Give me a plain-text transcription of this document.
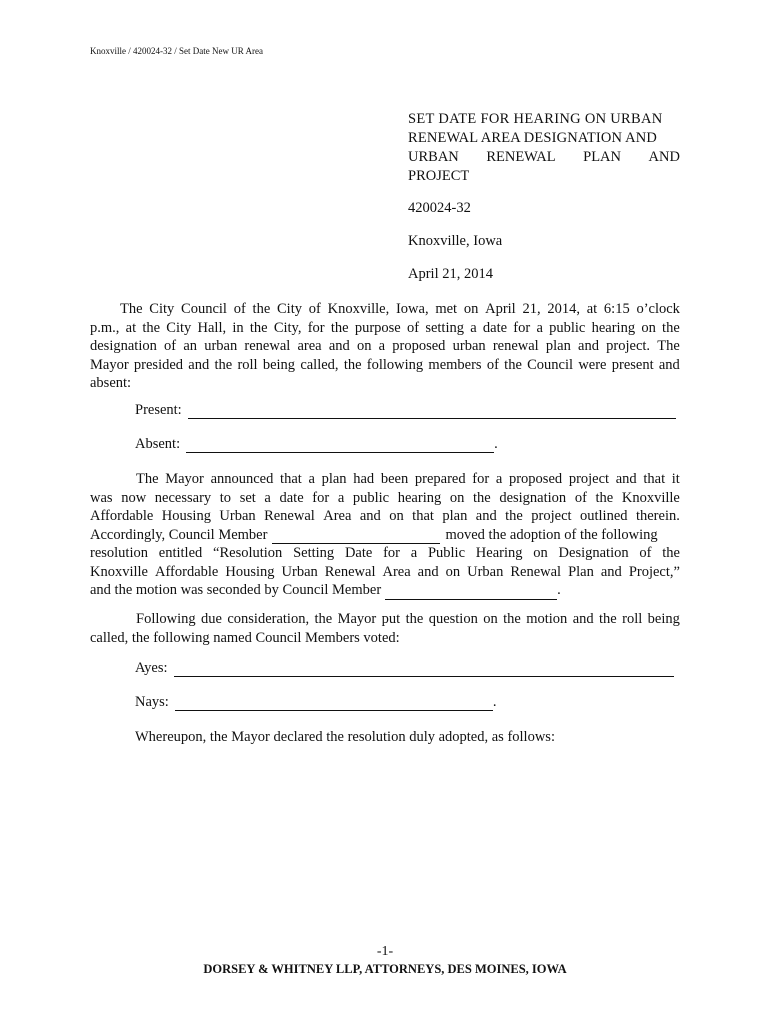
Knoxville / 420024-32 / Set Date New UR Area
SET DATE FOR HEARING ON URBAN
RENEWAL AREA DESIGNATION AND
URBAN RENEWAL PLAN AND
PROJECT
420024-32
Knoxville, Iowa
April 21, 2014
The City Council of the City of Knoxville, Iowa, met on April 21, 2014, at 6:15 o’clock
p.m., at the City Hall, in the City, for the purpose of setting a date for a public hearing on the
designation of an urban renewal area and on a proposed urban renewal plan and project. The
Mayor presided and the roll being called, the following members of the Council were present and
absent:
Present:
Absent:	.
The Mayor announced that a plan had been prepared for a proposed project and that it
was now necessary to set a date for a public hearing on the designation of the Knoxville
Affordable Housing Urban Renewal Area and on that plan and the project outlined therein.
Accordingly, Council Member	moved the adoption of the following
resolution entitled “Resolution Setting Date for a Public Hearing on Designation of the
Knoxville Affordable Housing Urban Renewal Area and on Urban Renewal Plan and Project,”
and the motion was seconded by Council Member	.
Following due consideration, the Mayor put the question on the motion and the roll being
called, the following named Council Members voted:
Ayes:
Nays:	.
Whereupon, the Mayor declared the resolution duly adopted, as follows:
-1-
DORSEY & WHITNEY LLP, ATTORNEYS, DES MOINES, IOWA
